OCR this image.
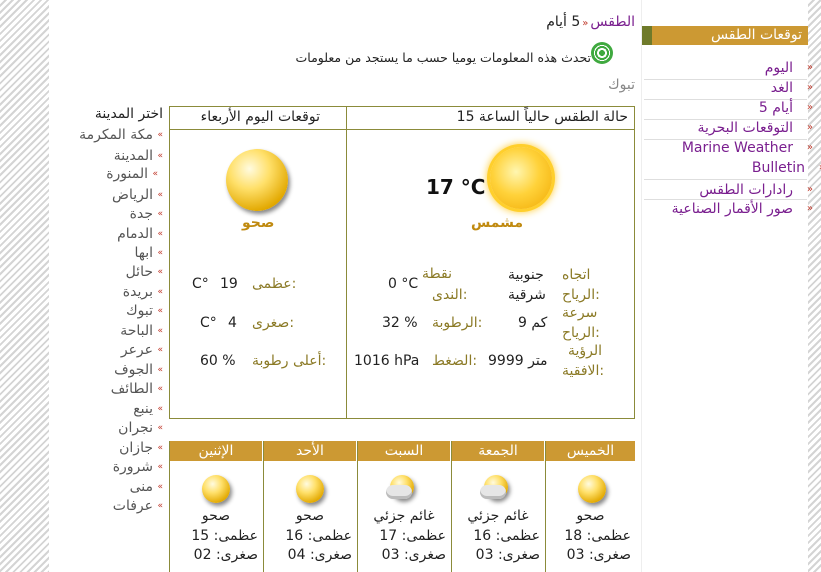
توقعات الطقس
اليوم »
الغد »
5 أيام »
التوقعات البحرية »
Marine Weather »
Bulletin »
رادارات الطقس »
صور الأقمار الصناعية »
الطقس«5 أيام
تحدث هذه المعلومات يوميا حسب ما يستجد من معلومات
تبوك
اختر المدينة
مكة المكرمة «
المدينة «
المنورة «
الرياض «
جدة «
الدمام «
ابها «
حائل «
بريدة «
تبوك «
الباحة «
عرعر «
الجوف «
الطائف «
ينبع «
نجران «
جازان «
شرورة «
منى «
عرفات «
حالة الطقس حالياً الساعة 15
توقعات اليوم الأربعاء
17 °C
مشمس
اتجاه
الرياح:
جنوبية
شرقية
نقطة
الندى:
0 °C
سرعة
الرياح:
9 كم
الرطوبة:
32 %
الرؤية
الافقية:
9999 متر
الضغط:
1016 hPa
صحو
عظمى:
19
C°
صغرى:
4
C°
أعلى رطوبة:
60 %
الخميس
صحو
عظمى: 18
صغرى: 03
الجمعة
غائم جزئي
عظمى: 16
صغرى: 03
السبت
غائم جزئي
عظمى: 17
صغرى: 03
الأحد
صحو
عظمى: 16
صغرى: 04
الإثنين
صحو
عظمى: 15
صغرى: 02
